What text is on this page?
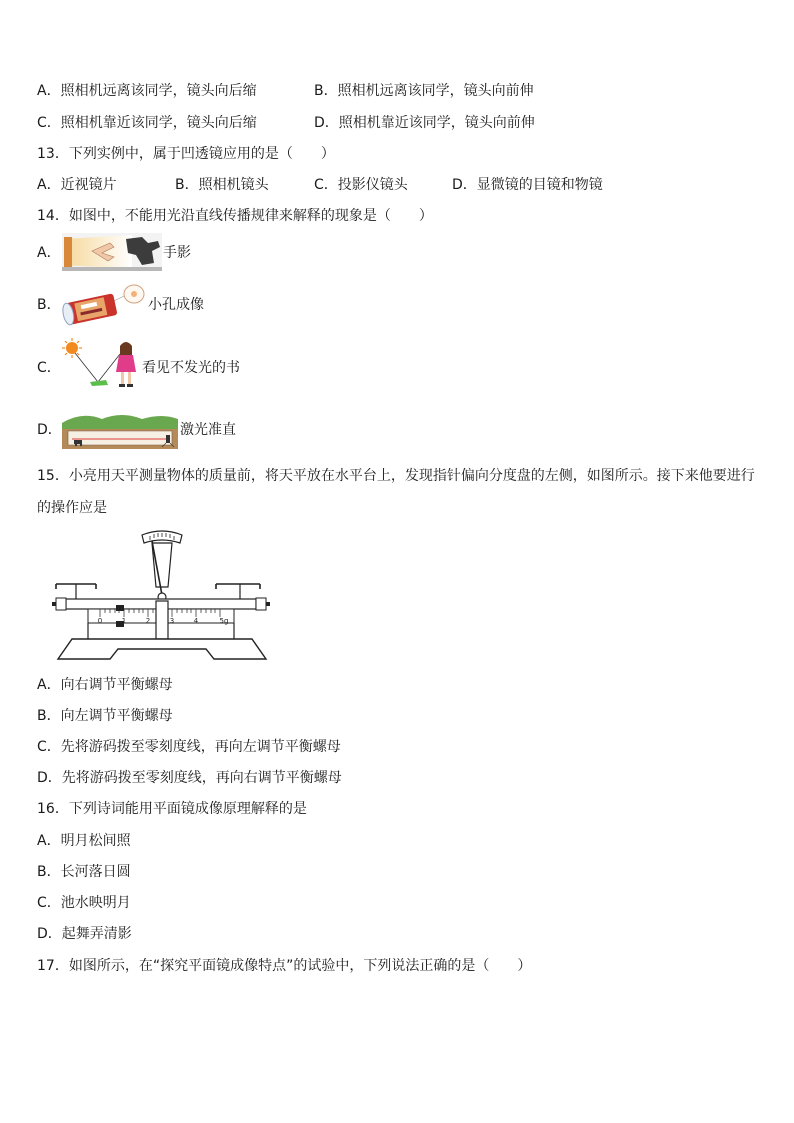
A．照相机远离该同学，镜头向后缩	B．照相机远离该同学，镜头向前伸
C．照相机靠近该同学，镜头向后缩	D．照相机靠近该同学，镜头向前伸
13．下列实例中，属于凹透镜应用的是（　　）
A．近视镜片	B．照相机镜头	C．投影仪镜头	D．显微镜的目镜和物镜
14．如图中，不能用光沿直线传播规律来解释的现象是（　　）
A．	手影
B．	小孔成像
C．	看见不发光的书
D．	激光准直
15．小亮用天平测量物体的质量前，将天平放在水平台上，发现指针偏向分度盘的左侧，如图所示。接下来他要进行
的操作应是
0	1	2	3	4	5g
A．向右调节平衡螺母
B．向左调节平衡螺母
C．先将游码拨至零刻度线，再向左调节平衡螺母
D．先将游码拨至零刻度线，再向右调节平衡螺母
16．下列诗词能用平面镜成像原理解释的是
A．明月松间照
B．长河落日圆
C．池水映明月
D．起舞弄清影
17．如图所示，在“探究平面镜成像特点”的试验中，下列说法正确的是（　　）
